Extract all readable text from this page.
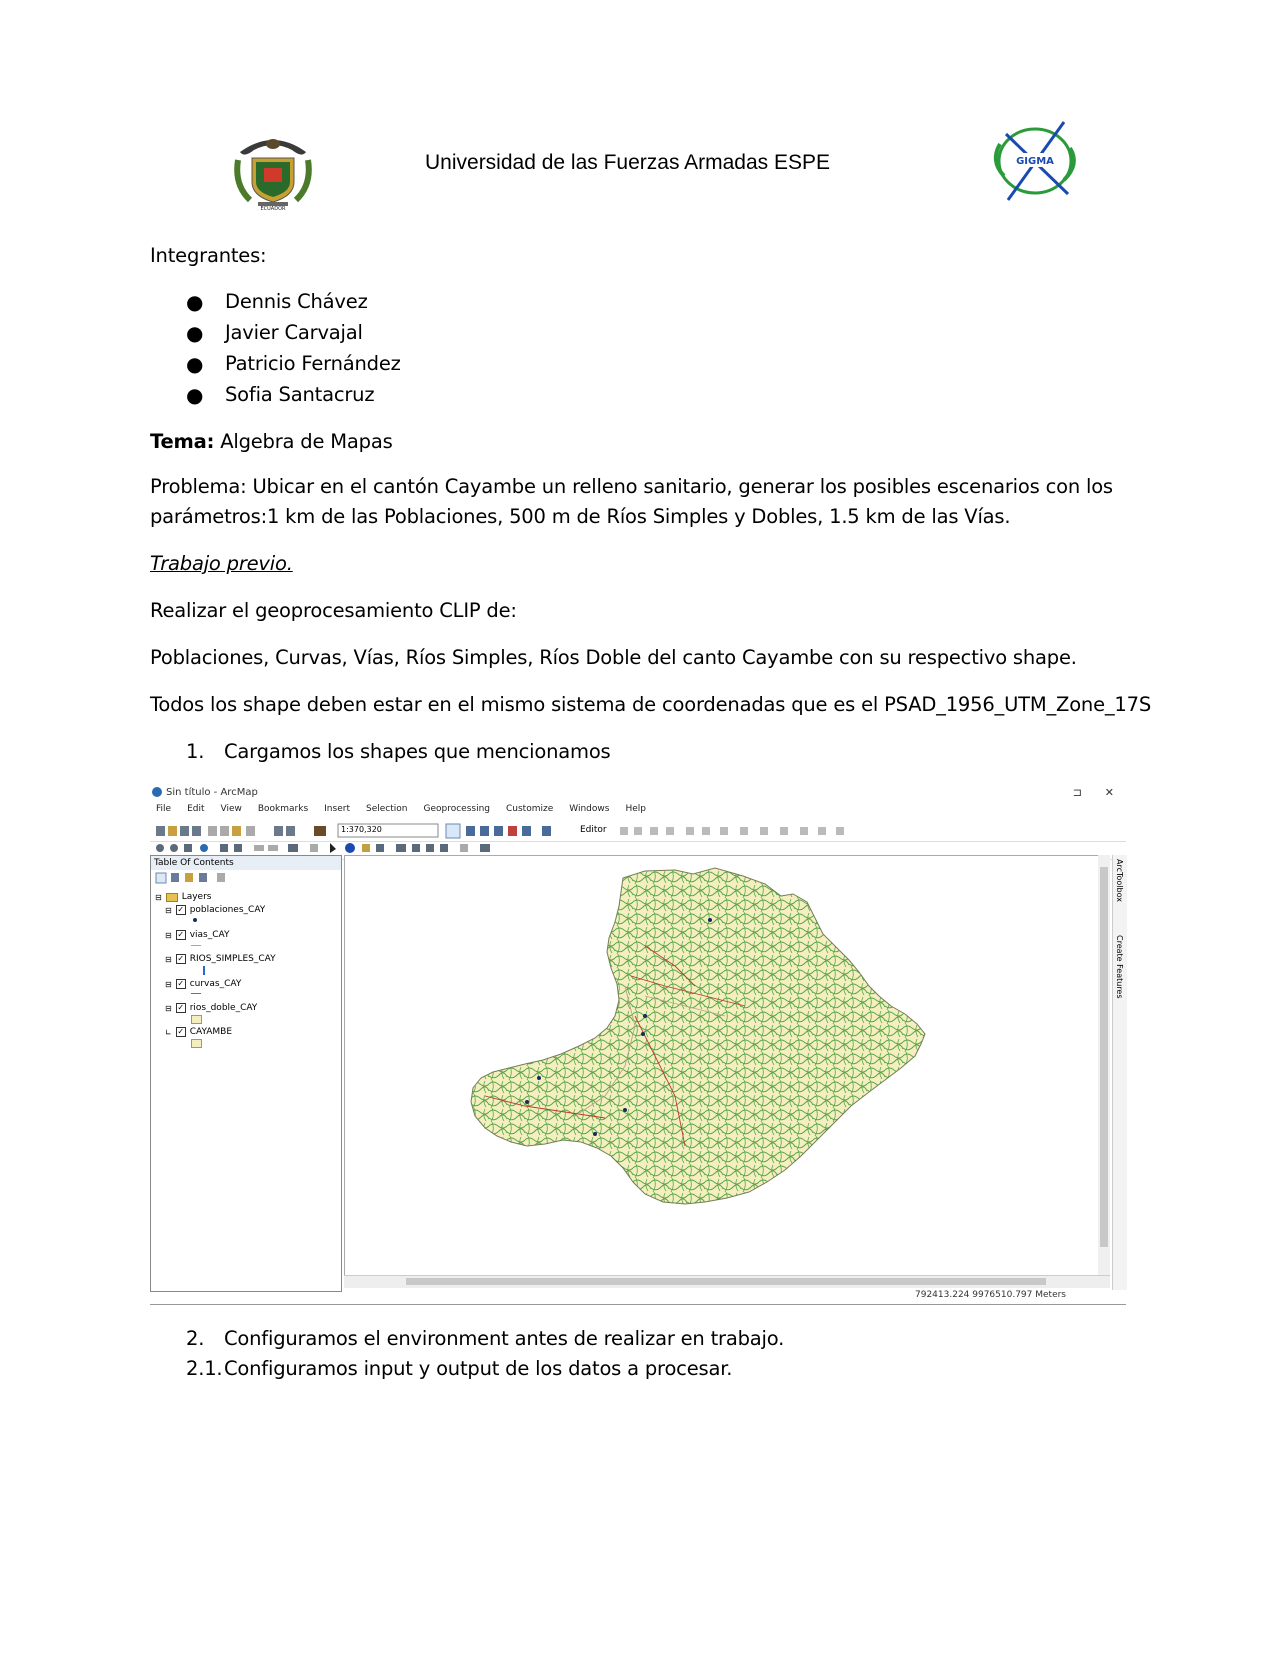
ECUADOR
Universidad de las Fuerzas Armadas ESPE	GIGMA
Integrantes:
● Dennis Chávez
● Javier Carvajal
● Patricio Fernández
● Sofia Santacruz
Tema: Algebra de Mapas
Problema: Ubicar en el cantón Cayambe un relleno sanitario, generar los posibles escenarios con los parámetros:1 km de las Poblaciones, 500 m de Ríos Simples y Dobles, 1.5 km de las Vías.
Trabajo previo.
Realizar el geoprocesamiento CLIP de:
Poblaciones, Curvas, Vías, Ríos Simples, Ríos Doble del canto Cayambe con su respectivo shape.
Todos los shape deben estar en el mismo sistema de coordenadas que es el PSAD_1956_UTM_Zone_17S
1. Cargamos los shapes que mencionamos
Sin título - ArcMap	⊐ ✕
File Edit View Bookmarks Insert Selection Geoprocessing Customize Windows Help
1:370,320	Editor
Table Of Contents
⊟ Layers
⊟ ✓ poblaciones_CAY
⊟ ✓ vias_CAY
⊟ ✓ RIOS_SIMPLES_CAY
⊟ ✓ curvas_CAY
⊟ ✓ rios_doble_CAY
∟ ✓ CAYAMBE
ArcToolbox
Create Features
792413.224 9976510.797 Meters
2. Configuramos el environment antes de realizar en trabajo.
2.1.Configuramos input y output de los datos a procesar.
